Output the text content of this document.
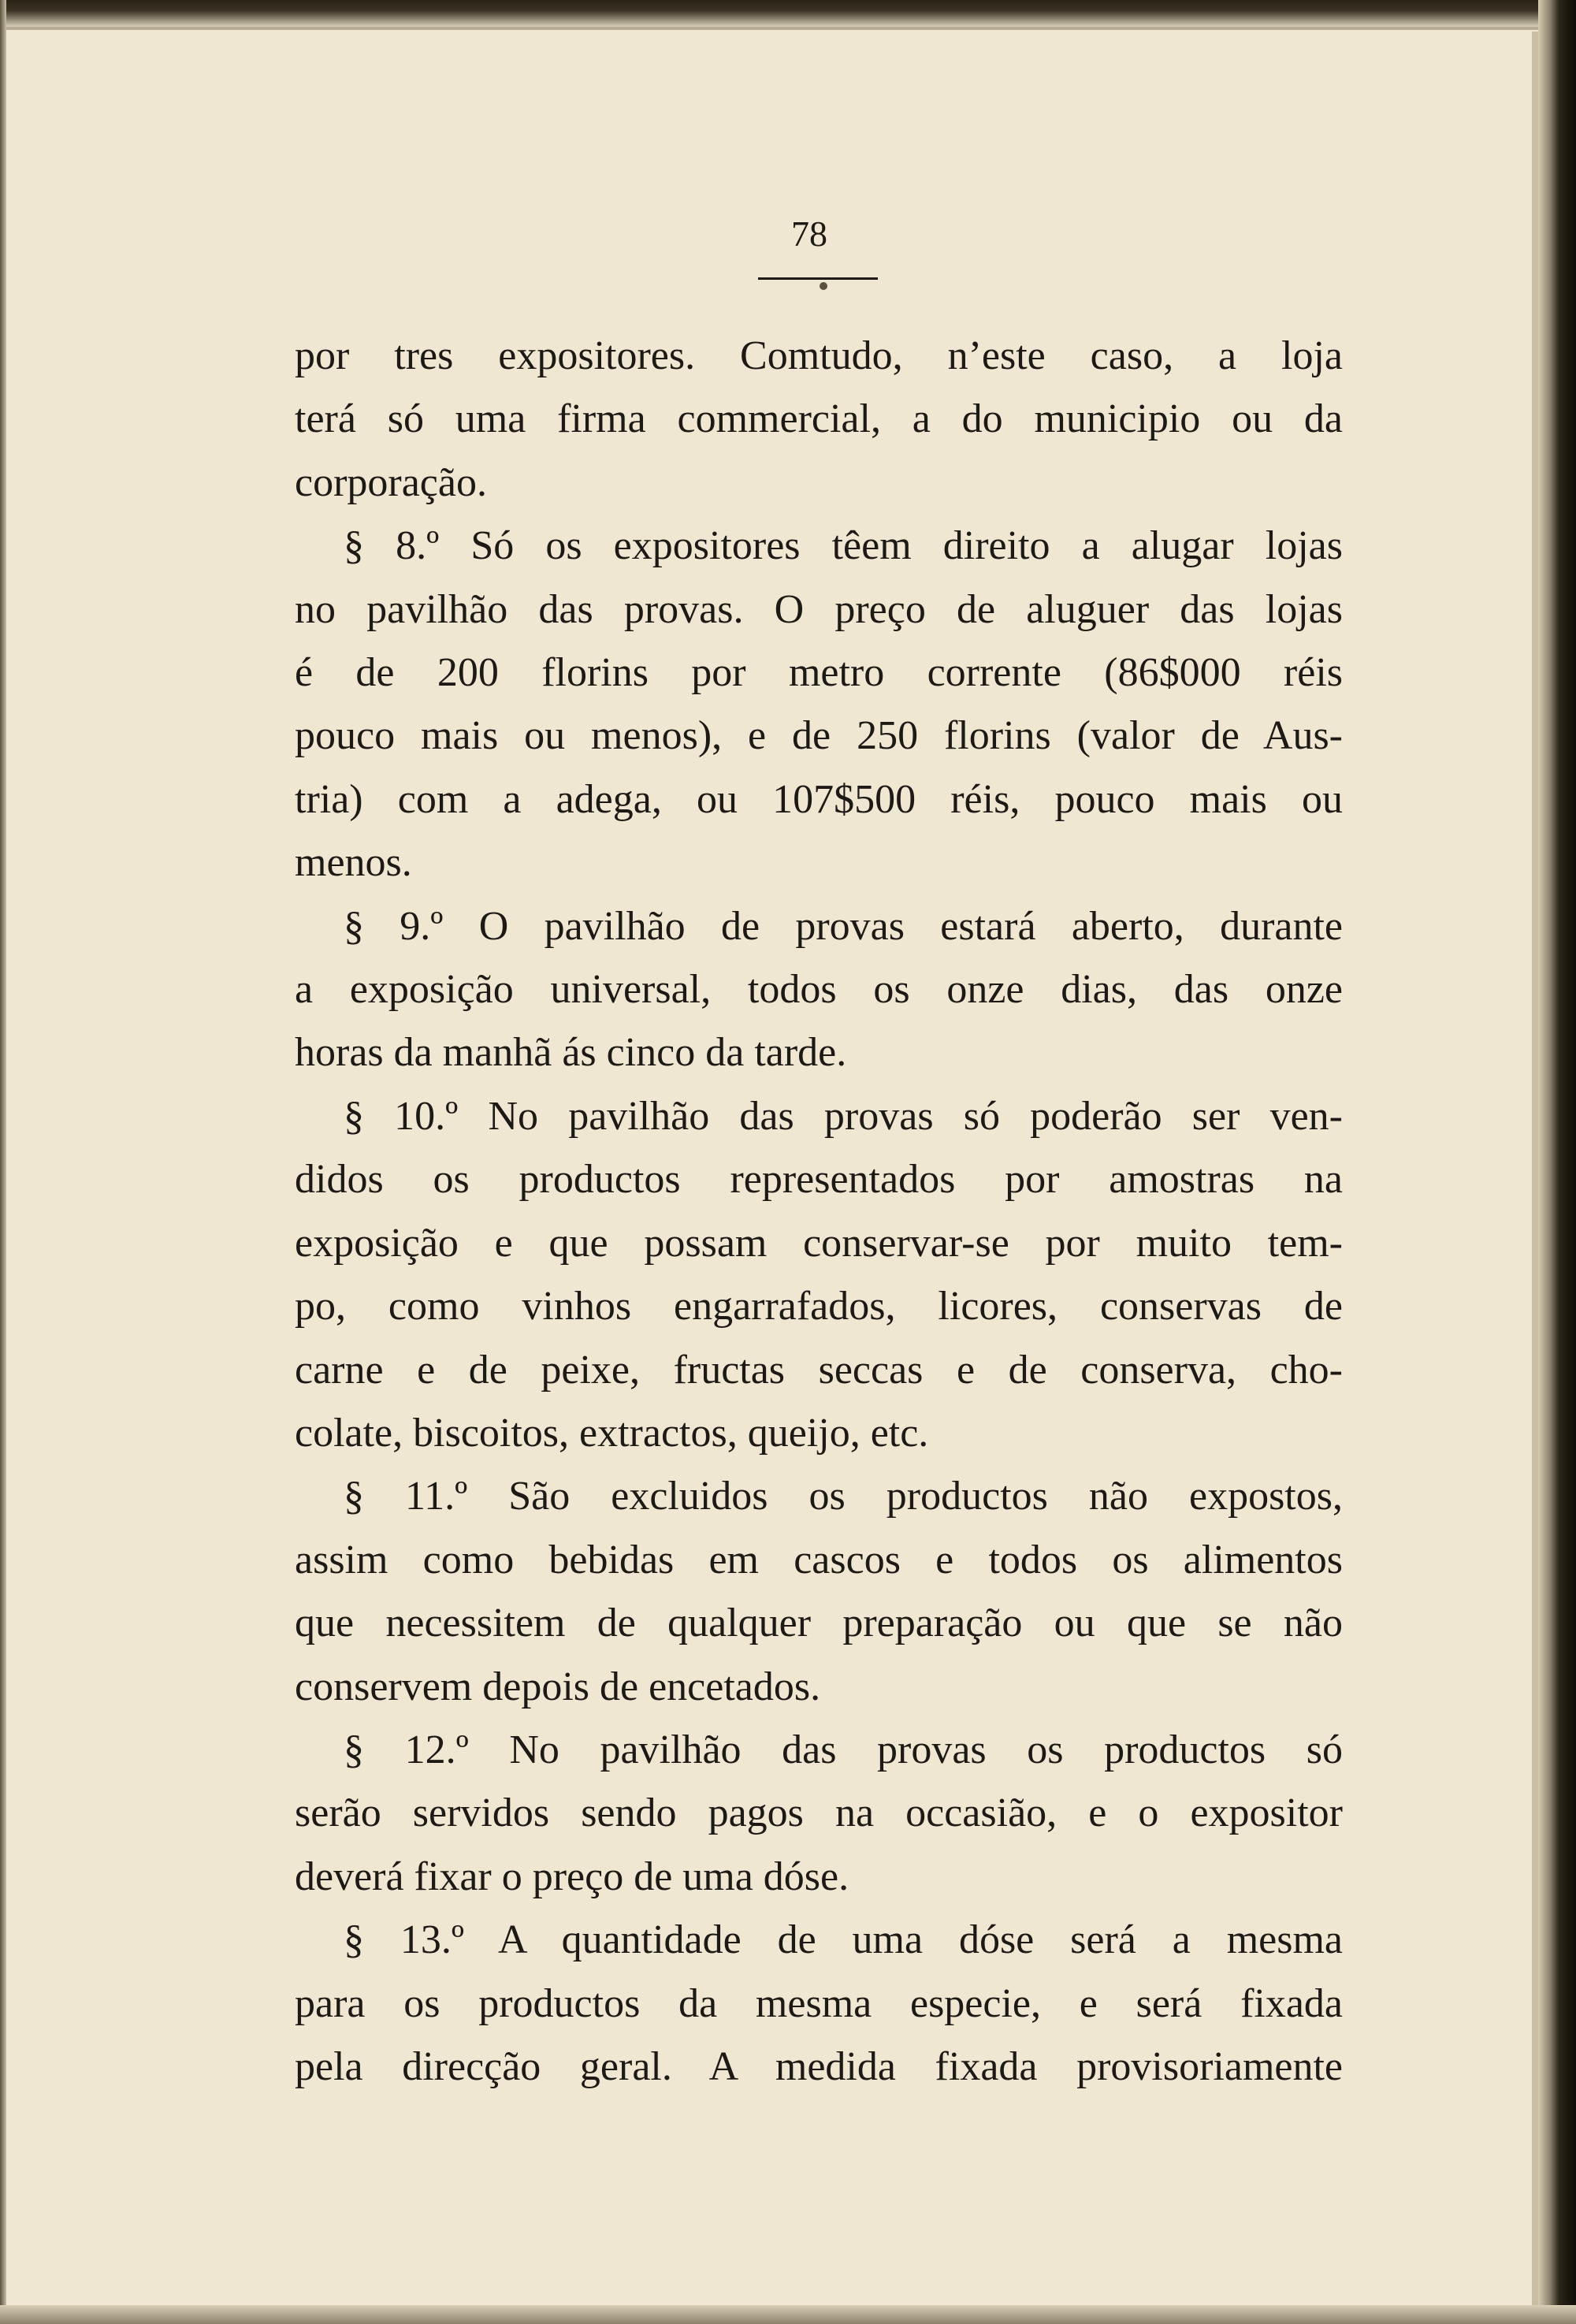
78
por tres expositores. Comtudo, n’este caso, a loja
terá só uma firma commercial, a do municipio ou da
corporação.
§ 8.º Só os expositores têem direito a alugar lojas
no pavilhão das provas. O preço de aluguer das lojas
é de 200 florins por metro corrente (86$000 réis
pouco mais ou menos), e de 250 florins (valor de Aus-
tria) com a adega, ou 107$500 réis, pouco mais ou
menos.
§ 9.º O pavilhão de provas estará aberto, durante
a exposição universal, todos os onze dias, das onze
horas da manhã ás cinco da tarde.
§ 10.º No pavilhão das provas só poderão ser ven-
didos os productos representados por amostras na
exposição e que possam conservar-se por muito tem-
po, como vinhos engarrafados, licores, conservas de
carne e de peixe, fructas seccas e de conserva, cho-
colate, biscoitos, extractos, queijo, etc.
§ 11.º São excluidos os productos não expostos,
assim como bebidas em cascos e todos os alimentos
que necessitem de qualquer preparação ou que se não
conservem depois de encetados.
§ 12.º No pavilhão das provas os productos só
serão servidos sendo pagos na occasião, e o expositor
deverá fixar o preço de uma dóse.
§ 13.º A quantidade de uma dóse será a mesma
para os productos da mesma especie, e será fixada
pela direcção geral. A medida fixada provisoriamente
